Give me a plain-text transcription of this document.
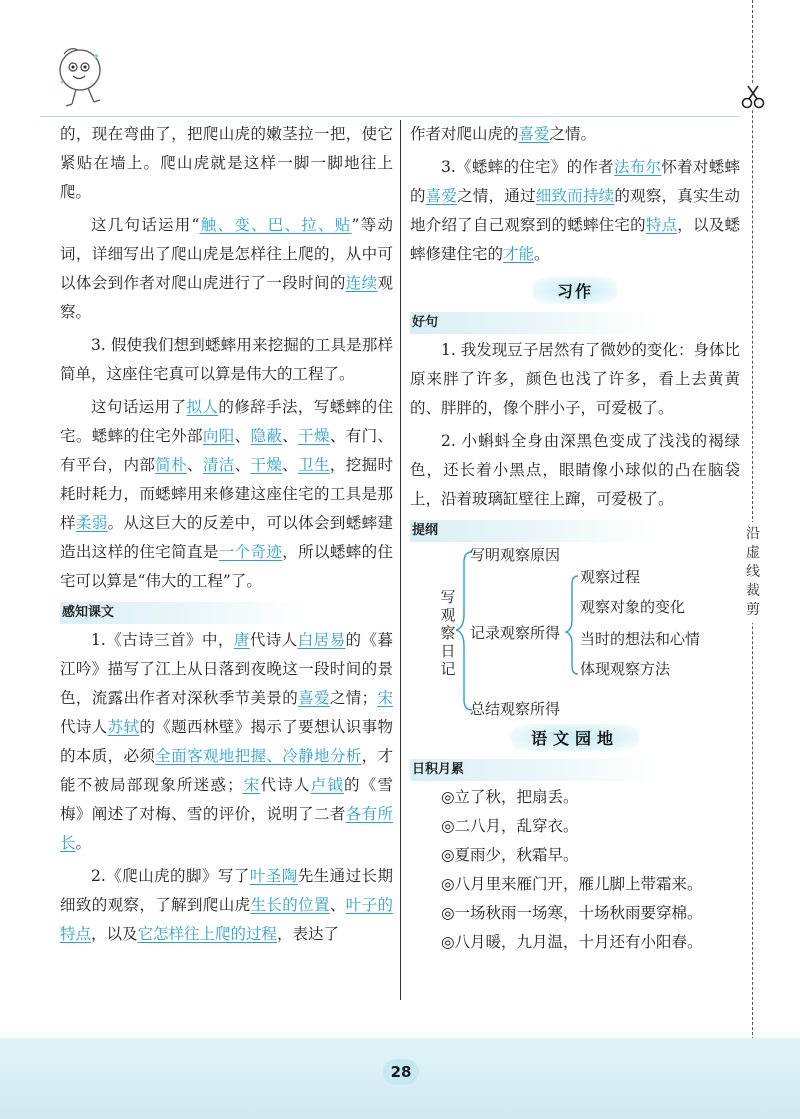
沿虚线裁剪

的，现在弯曲了，把爬山虎的嫩茎拉一把，使它紧贴在墙上。爬山虎就是这样一脚一脚地往上爬。

这几句话运用“触、变、巴、拉、贴”等动词，详细写出了爬山虎是怎样往上爬的，从中可以体会到作者对爬山虎进行了一段时间的连续观察。

3. 假使我们想到蟋蟀用来挖掘的工具是那样简单，这座住宅真可以算是伟大的工程了。

这句话运用了拟人的修辞手法，写蟋蟀的住宅。蟋蟀的住宅外部向阳、隐蔽、干燥、有门、有平台，内部简朴、清洁、干燥、卫生，挖掘时耗时耗力，而蟋蟀用来修建这座住宅的工具是那样柔弱。从这巨大的反差中，可以体会到蟋蟀建造出这样的住宅简直是一个奇迹，所以蟋蟀的住宅可以算是“伟大的工程”了。

感知课文

1.《古诗三首》中，唐代诗人白居易的《暮江吟》描写了江上从日落到夜晚这一段时间的景色，流露出作者对深秋季节美景的喜爱之情；宋代诗人苏轼的《题西林壁》揭示了要想认识事物的本质，必须全面客观地把握、冷静地分析，才能不被局部现象所迷惑；宋代诗人卢钺的《雪梅》阐述了对梅、雪的评价，说明了二者各有所长。

2.《爬山虎的脚》写了叶圣陶先生通过长期细致的观察，了解到爬山虎生长的位置、叶子的特点，以及它怎样往上爬的过程，表达了

作者对爬山虎的喜爱之情。

3.《蟋蟀的住宅》的作者法布尔怀着对蟋蟀的喜爱之情，通过细致而持续的观察，真实生动地介绍了自己观察到的蟋蟀住宅的特点，以及蟋蟀修建住宅的才能。

习作
好句

1. 我发现豆子居然有了微妙的变化：身体比原来胖了许多，颜色也浅了许多，看上去黄黄的、胖胖的，像个胖小子，可爱极了。

2. 小蝌蚪全身由深黑色变成了浅浅的褐绿色，还长着小黑点，眼睛像小球似的凸在脑袋上，沿着玻璃缸壁往上蹿，可爱极了。

提纲
写观察日记
写明观察原因
记录观察所得
总结观察所得
观察过程
观察对象的变化
当时的想法和心情
体现观察方法
语文园地
日积月累

◎立了秋，把扇丢。

◎二八月，乱穿衣。

◎夏雨少，秋霜早。

◎八月里来雁门开，雁儿脚上带霜来。

◎一场秋雨一场寒，十场秋雨要穿棉。

◎八月暖，九月温，十月还有小阳春。

28
